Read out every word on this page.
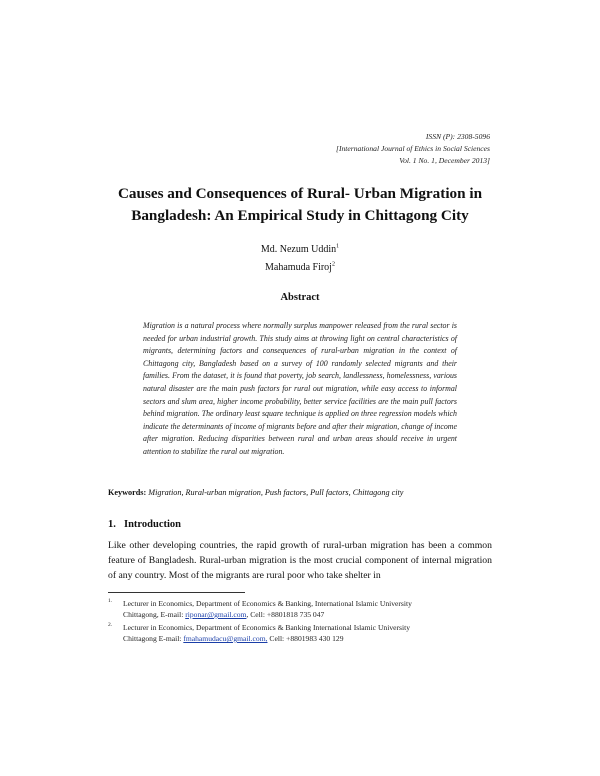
ISSN (P): 2308-5096
[International Journal of Ethics in Social Sciences
Vol. 1 No. 1, December 2013]
Causes and Consequences of Rural- Urban Migration in
Bangladesh: An Empirical Study in Chittagong City
Md. Nezum Uddin$^1$
Mahamuda Firoj$^2$
Abstract
Migration is a natural process where normally surplus manpower released from the rural sector is needed for urban industrial growth. This study aims at throwing light on central characteristics of migrants, determining factors and consequences of rural-urban migration in the context of Chittagong city, Bangladesh based on a survey of 100 randomly selected migrants and their families. From the dataset, it is found that poverty, job search, landlessness, homelessness, various natural disaster are the main push factors for rural out migration, while easy access to informal sectors and slum area, higher income probability, better service facilities are the main pull factors behind migration. The ordinary least square technique is applied on three regression models which indicate the determinants of income of migrants before and after their migration, change of income after migration. Reducing disparities between rural and urban areas should receive in urgent attention to stabilize the rural out migration.
Keywords: Migration, Rural-urban migration, Push factors, Pull factors, Chittagong city
1. Introduction
Like other developing countries, the rapid growth of rural-urban migration has been a common feature of Bangladesh. Rural-urban migration is the most crucial component of internal migration of any country. Most of the migrants are rural poor who take shelter in
1. Lecturer in Economics, Department of Economics & Banking, International Islamic University
Chittagong, E-mail: riponar@gmail.com, Cell: +8801818 735 047
2. Lecturer in Economics, Department of Economics & Banking International Islamic University
Chittagong E-mail: fmahamudacu@gmail.com, Cell: +8801983 430 129
